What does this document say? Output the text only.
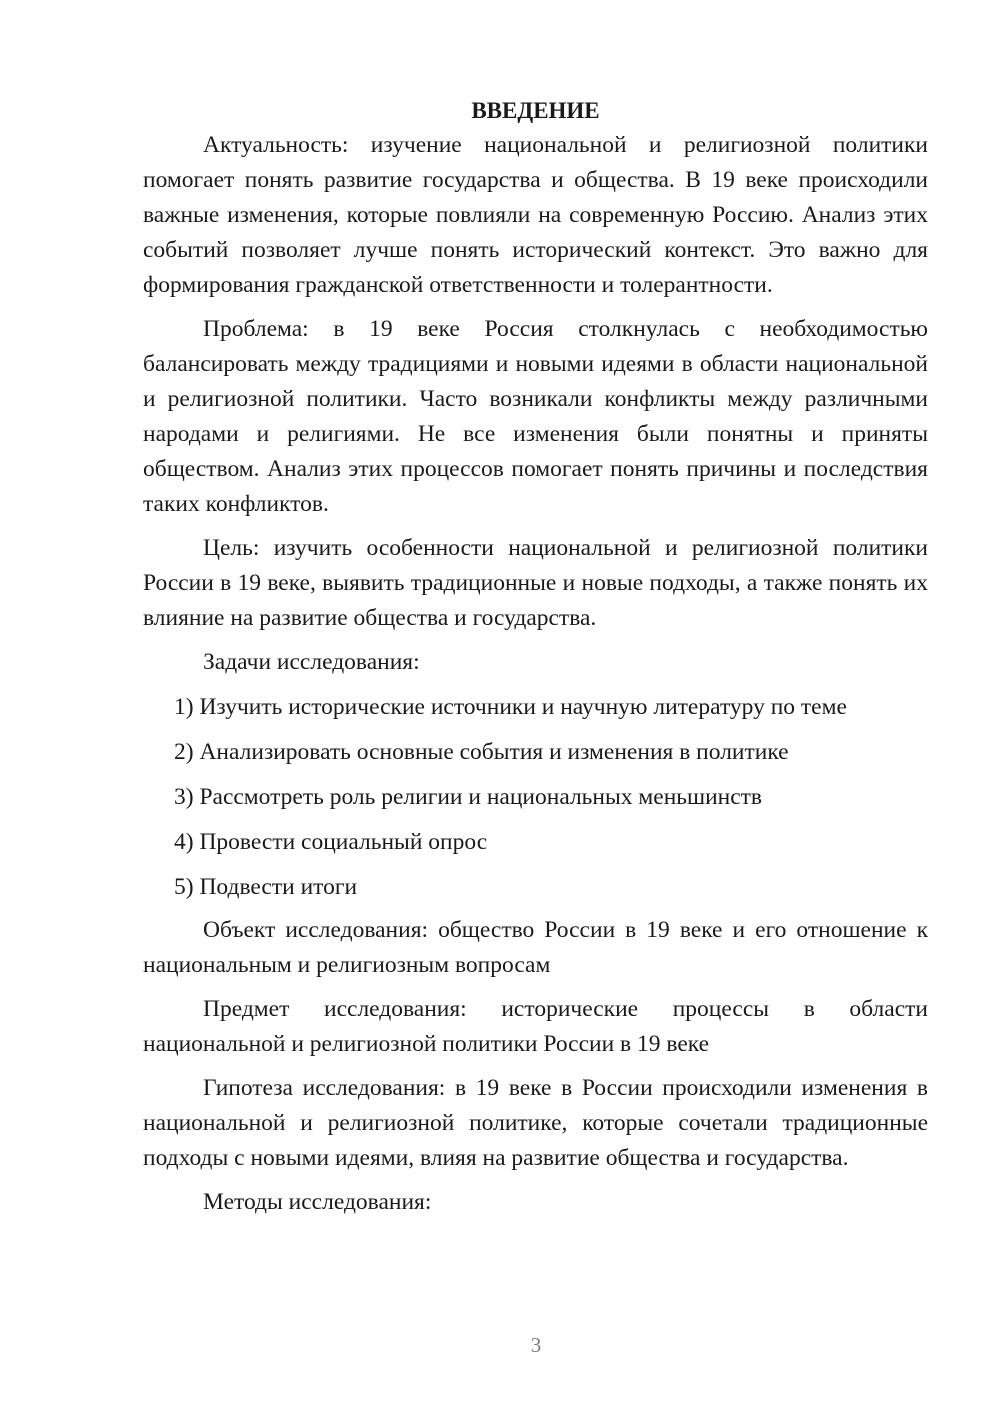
ВВЕДЕНИЕ

Актуальность: изучение национальной и религиозной политики помогает понять развитие государства и общества. В 19 веке происходили важные изменения, которые повлияли на современную Россию. Анализ этих событий позволяет лучше понять исторический контекст. Это важно для формирования гражданской ответственности и толерантности.

Проблема: в 19 веке Россия столкнулась с необходимостью балансировать между традициями и новыми идеями в области национальной и религиозной политики. Часто возникали конфликты между различными народами и религиями. Не все изменения были понятны и приняты обществом. Анализ этих процессов помогает понять причины и последствия таких конфликтов.

Цель: изучить особенности национальной и религиозной политики России в 19 веке, выявить традиционные и новые подходы, а также понять их влияние на развитие общества и государства.

Задачи исследования:

1) Изучить исторические источники и научную литературу по теме
2) Анализировать основные события и изменения в политике
3) Рассмотреть роль религии и национальных меньшинств
4) Провести социальный опрос
5) Подвести итоги

Объект исследования: общество России в 19 веке и его отношение к национальным и религиозным вопросам

Предмет исследования: исторические процессы в области национальной и религиозной политики России в 19 веке

Гипотеза исследования: в 19 веке в России происходили изменения в национальной и религиозной политике, которые сочетали традиционные подходы с новыми идеями, влияя на развитие общества и государства.

Методы исследования:

3
